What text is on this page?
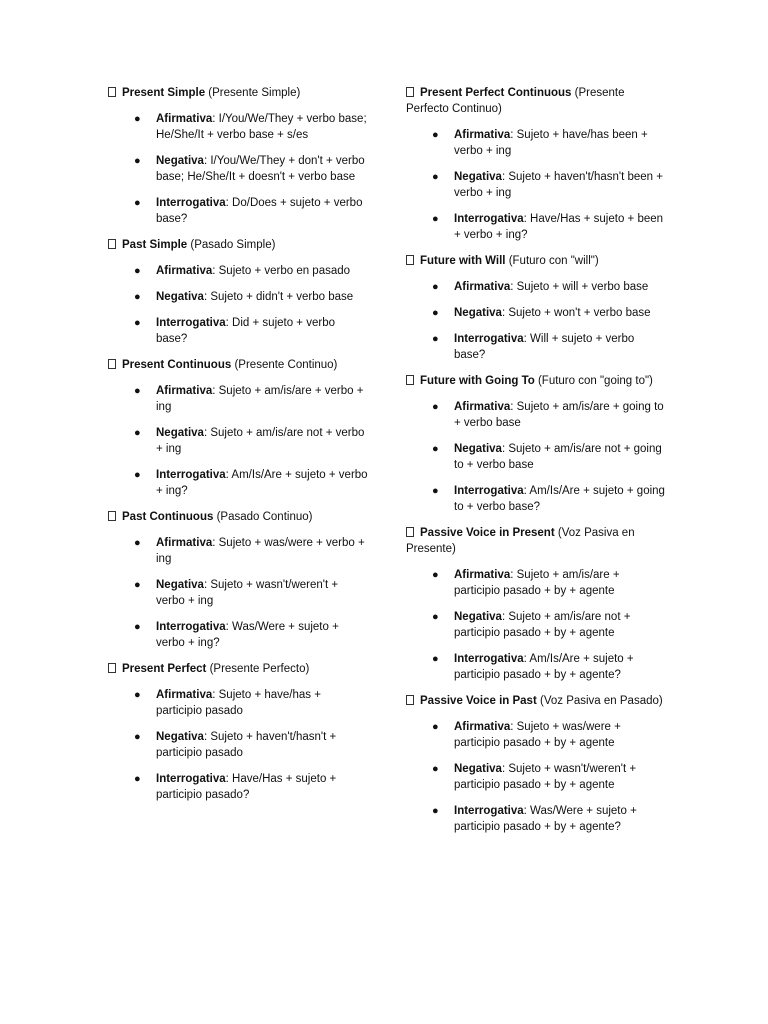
Present Simple (Presente Simple)

● Afirmativa: I/You/We/They + verbo base; He/She/It + verbo base + s/es
● Negativa: I/You/We/They + don't + verbo base; He/She/It + doesn't + verbo base
● Interrogativa: Do/Does + sujeto + verbo base?

Past Simple (Pasado Simple)

● Afirmativa: Sujeto + verbo en pasado
● Negativa: Sujeto + didn't + verbo base
● Interrogativa: Did + sujeto + verbo base?

Present Continuous (Presente Continuo)

● Afirmativa: Sujeto + am/is/are + verbo + ing
● Negativa: Sujeto + am/is/are not + verbo + ing
● Interrogativa: Am/Is/Are + sujeto + verbo + ing?

Past Continuous (Pasado Continuo)

● Afirmativa: Sujeto + was/were + verbo + ing
● Negativa: Sujeto + wasn't/weren't + verbo + ing
● Interrogativa: Was/Were + sujeto + verbo + ing?

Present Perfect (Presente Perfecto)

● Afirmativa: Sujeto + have/has + participio pasado
● Negativa: Sujeto + haven't/hasn't + participio pasado
● Interrogativa: Have/Has + sujeto + participio pasado?

Present Perfect Continuous (Presente Perfecto Continuo)

● Afirmativa: Sujeto + have/has been + verbo + ing
● Negativa: Sujeto + haven't/hasn't been + verbo + ing
● Interrogativa: Have/Has + sujeto + been + verbo + ing?

Future with Will (Futuro con "will")

● Afirmativa: Sujeto + will + verbo base
● Negativa: Sujeto + won't + verbo base
● Interrogativa: Will + sujeto + verbo base?

Future with Going To (Futuro con "going to")

● Afirmativa: Sujeto + am/is/are + going to + verbo base
● Negativa: Sujeto + am/is/are not + going to + verbo base
● Interrogativa: Am/Is/Are + sujeto + going to + verbo base?

Passive Voice in Present (Voz Pasiva en Presente)

● Afirmativa: Sujeto + am/is/are + participio pasado + by + agente
● Negativa: Sujeto + am/is/are not + participio pasado + by + agente
● Interrogativa: Am/Is/Are + sujeto + participio pasado + by + agente?

Passive Voice in Past (Voz Pasiva en Pasado)

● Afirmativa: Sujeto + was/were + participio pasado + by + agente
● Negativa: Sujeto + wasn't/weren't + participio pasado + by + agente
● Interrogativa: Was/Were + sujeto + participio pasado + by + agente?
